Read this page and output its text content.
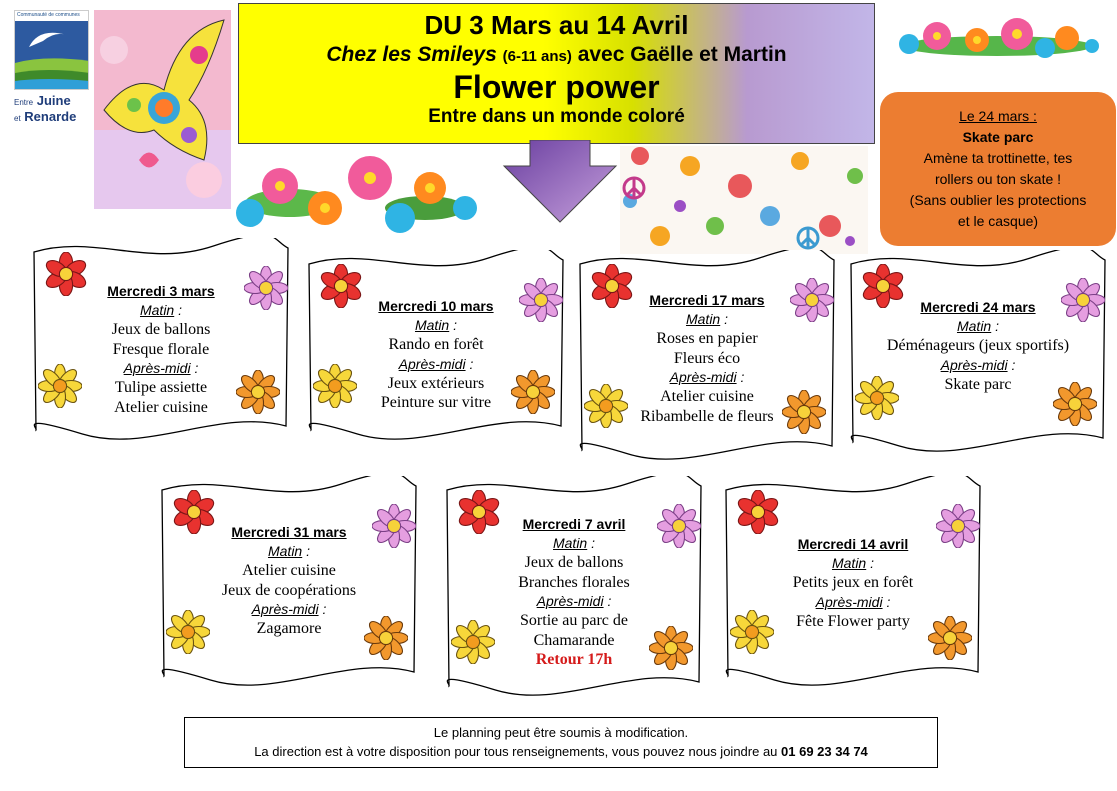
Communauté de communes
Entre Juine
et Renarde
DU 3 Mars au 14 Avril
Chez les Smileys (6-11 ans) avec Gaëlle et Martin
Flower power
Entre dans un monde coloré	Le 24 mars :
Skate parc
Amène ta trottinette, tes
rollers ou ton skate !
(Sans oublier les protections
et le casque)
Mercredi 3 mars
Matin :
Jeux de ballons
Fresque florale
Après-midi :
Tulipe assiette
Atelier cuisine
Mercredi 10 mars
Matin :
Rando en forêt
Après-midi :
Jeux extérieurs
Peinture sur vitre
Mercredi 17 mars
Matin :
Roses en papier
Fleurs éco
Après-midi :
Atelier cuisine
Ribambelle de fleurs
Mercredi 24 mars
Matin :
Déménageurs (jeux sportifs)
Après-midi :
Skate parc
Mercredi 31 mars
Matin :
Atelier cuisine
Jeux de coopérations
Après-midi :
Zagamore
Mercredi 7 avril
Matin :
Jeux de ballons
Branches florales
Après-midi :
Sortie au parc de
Chamarande
Retour 17h
Mercredi 14 avril
Matin :
Petits jeux en forêt
Après-midi :
Fête Flower party
Le planning peut être soumis à modification.
La direction est à votre disposition pour tous renseignements, vous pouvez nous joindre au 01 69 23 34 74
